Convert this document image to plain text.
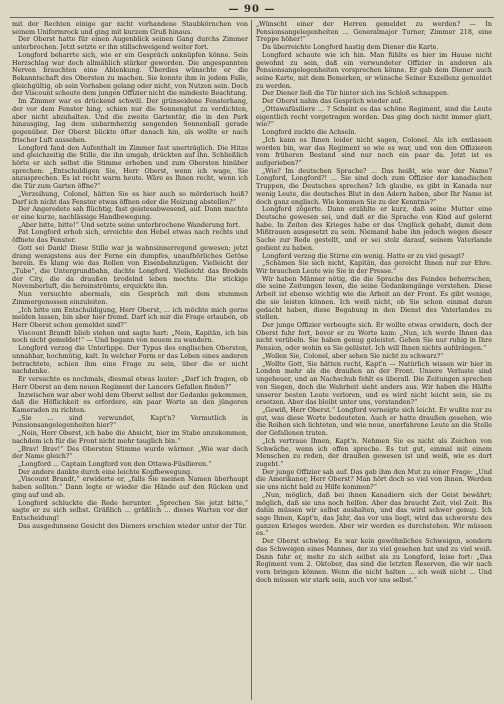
— 90 —

mit der Rechten einige gar nicht vorhandene Staubkörnchen von seinem Uniformrock und ging mit kurzem Gruß hinaus.

Der Oberst hatte für einen Augenblick seinen Gang durchs Zimmer unterbrochen. Jetzt setzte er ihn stillschweigend weiter fort.

Longford beharrte sich, wie er ein Gespräch anknüpfen könne. Sein Herzschlag war doch allmählich stärker geworden. Die angespannten Nerven brauchten eine Ablenkung. Überdies wünschte er die Bekanntschaft des Obersten zu machen. Sie konnte ihm in jedem Falle, gleichgültig, ob sein Vorhaben gelang oder nicht, von Nutzen sein. Doch der Viscount scheute dem jungen Offizier nicht die mindeste Beachtung.

Im Zimmer war es drückend schwül. Der grünseidene Fensterhang, der vor dem Fenster hing, schien nur die Sonnenglut zu verdichten, aber nicht abzuhalten. Und die zweite Gartentür, die in den Park hinausging, lag dem unbarmherzig sengenden Sonnenball gerade gegenüber. Der Oberst blickte öfter danach hin, als wollte er nach frischer Luft aussehen.

Longford fand den Aufenthalt im Zimmer fast unerträglich. Die Hitze und gleichzeitig die Stille, die ihn umgab, drückten auf ihn. Schließlich hörte er sich selbst die Stimme erheben und zum Obersten hinüber sprechen: „Entschuldigen Sie, Herr Oberst, wenn ich wage, Sie anzusprechen. Es ist recht warm heute. Wäre es Ihnen recht, wenn ich die Tür zum Garten öffne?“

„Verzeihung, Colonel, hätten Sie es hier auch so mörderisch heiß? Darf ich nicht das Fenster etwas öffnen oder die Heizung abstellen?“

Der Angeredete sah flüchtig, fast geistesabwesend, auf. Dann machte er eine kurze, nachlässige Handbewegung.

„Aber bitte, bitte!“ Und setzte seine unterbrochene Wanderung fort.

Pat Longford erhob sich, erreichte den Hebel etwas nach rechts und öffnete das Fenster.

Gott sei Dank! Diese Stille war ja wahnsinnerregend gewesen; jetzt drang wenigstens aus der Ferne ein dumpfes, unaufhörliches Getöse herein. Es klang wie das Rollen von Eisenbahnzügen. Vielleicht der „Tube“, die Untergrundbahn, dachte Longford. Vielleicht das Brodeln der City, die da draußen brodelnd leben mochte. Die stickige Novemberluft, die hereinströmte, erquickte ihn.

Nun versuchte abermals, ein Gespräch mit dem stummen Zimmergenossen einzuleiten.

„Ich bitte um Entschuldigung, Herr Oberst, ... ich möchte mich gerne melden lassen, bin aber hier fremd. Darf ich mir die Frage erlauben, ob Herr Oberst schon gemeldet sind?“

Viscount Brandt blieb stehen und sagte hart: „Nein, Kapitän, ich bin noch nicht gemeldet!“ — Und begann von neuem zu wandern.

Longford verzog die Unterlippe. Der Typus des englischen Obersten, unnahbar, hochmütig, kalt. In welcher Form er das Leben eines anderen betrachtete, schien ihm eine Frage zu sein, über die er nicht nachdenke.

Er versuchte es nochmals, diesmal etwas lauter: „Darf ich fragen, ob Herr Oberst an dem neuen Regiment der Lancers Gefallen finden?“

Inzwischen war aber wohl dem Oberst selbst der Gedanke gekommen, daß die Höflichkeit es erfordere, ein paar Worte an den jüngeren Kameraden zu richten.

„Sie ... sind verwundet, Kapt'n? Vermutlich in Pensionsangelegenheiten hier?“

„Nein, Herr Oberst, ich habe die Absicht, hier im Stabe anzukommen, nachdem ich für die Front nicht mehr tauglich bin.“

„Brav! Brav!“ Des Obersten Stimme wurde wärmer. „Wie war doch der Name gleich?“

„Longford ... Captain Longford von den Ottawa-Füsilieren.“

Der andere dankte durch eine leichte Kopfbewegung.

„Viscount Brandt,“ erwiderte er, „falls Sie meinen Namen überhaupt haben sollten.“ Dann legte er wieder die Hände auf den Rücken und ging auf und ab.

Longford schluckte die Rede herunter. „Sprechen Sie jetzt bitte,“ sagte er zu sich selbst. Gräßlich ... gräßlich ... dieses Warten vor der Entscheidung!

Das ausgedunsene Gesicht des Dieners erschien wieder unter der Tür.

„Wünscht einer der Herren gemeldet zu werden? — In Pensionsangelegenheiten ... Generalmajor Turner, Zimmer 218, eine Treppe höher!“

Da überreichte Longford hastig dem Diener die Karte.

Longford schaute wie ich hin. Man fühlte es hier im Hause nicht gewohnt zu sein, daß ein verwundeter Offizier in anderen als Pensionsangelegenheiten vorsprechen könne. Er gab dem Diener auch seine Karte, mit dem Bemerken, er wünsche Seiner Exzellenz gemeldet zu werden.

Der Diener ließ die Tür hinter sich ins Schloß schnappen.

Der Oberst nahm das Gespräch wieder auf.

„Ottawafüsiliere ... ? Scheint es das schöne Regiment, sind die Leute eigentlich recht vorgetragen worden. Das ging doch nicht immer glatt, wie?“

Longford zuckte die Achseln.

„Ich kann es Ihnen leider nicht sagen, Colonel. Als ich entlassen worden bin, war das Regiment so wie es war, und von den Offizieren vom früheren Bestand sind nur noch ein paar da. Jetzt ist es aufgerieben?“

„Wie? Im deutschen Sprache? ... Das heißt, wie war der Name? Longford, Longford?! ... Sie sind doch zum Offizier der kanadischen Truppen, die Deutsches sprechen? Ich glaube, es gibt in Kanada nur wenig Leute, die deutsches Blut in den Adern haben, aber Ihr Name ist doch ganz englisch. Wie kommen Sie zu der Kenntnis?“

Longford zögerte. Dann erzählte er kurz, daß seine Mutter eine Deutsche gewesen sei, und daß er die Sprache von Kind auf gelernt habe. In Zeiten des Krieges habe er das Unglück gehabt, damit dem Mißtrauen ausgesetzt zu sein. Niemand habe ihn jedoch wegen dieser Sache zur Rede gestellt, und er sei stolz darauf, seinem Vaterlande gedient zu haben.

Longford verzog die Stirne ein wenig. Hatte er zu viel gesagt?

„Schämen Sie sich nicht, Kapitän, das gereicht Ihnen nur zur Ehre. Wir brauchen Leute wie Sie in der Presse.“

Wir haben Männer nötig, die die Sprache des Feindes beherrschen, die seine Zeitungen lesen, die seine Gedankengänge verstehen. Diese Arbeit ist ebenso wichtig wie die Arbeit an der Front. Es gibt wenige, die sie leisten können. Ich weiß nicht, ob Sie schon einmal daran gedacht haben, diese Begabung in den Dienst des Vaterlandes zu stellen.

Der junge Offizier verbeugte sich. Er wollte etwas erwidern, doch der Oberst fuhr fort, bevor er zu Worte kam: „Nun, ich werde Ihnen das nicht verübeln. Sie haben genug geleistet. Gehen Sie nur ruhig in Ihre Pension, oder wohin es Sie gelüstet. Ich will Ihnen nichts aufdrängen.“

„Wollen Sie, Colonel, aber sehen Sie nicht zu schwarz?“

„Wollte Gott, Sie hätten recht, Kapt'n — Natürlich wissen wir hier in London mehr als die draußen an der Front. Unsere Verluste sind ungeheuer, und an Nachschub fehlt es überall. Die Zeitungen sprechen von Siegen, doch die Wahrheit sieht anders aus. Wir haben die Hälfte unserer besten Leute verloren, und es wird nicht leicht sein, sie zu ersetzen. Aber das bleibt unter uns, verstanden?“

„Gewiß, Herr Oberst.“ Longford verneigte sich leicht. Er wußte nur zu gut, was diese Worte bedeuteten. Auch er hatte draußen gesehen, wie die Reihen sich lichteten, und wie neue, unerfahrene Leute an die Stelle der Gefallenen traten.

„Ich vertraue Ihnen, Kapt'n. Nehmen Sie es nicht als Zeichen von Schwäche, wenn ich offen spreche. Es tut gut, einmal mit einem Menschen zu reden, der draußen gewesen ist und weiß, wie es dort zugeht.“

Der junge Offizier sah auf. Das gab ihm den Mut zu einer Frage: „Und die Amerikaner, Herr Oberst? Man hört doch so viel von ihnen. Werden sie uns nicht bald zu Hilfe kommen?“

„Nun, möglich, daß bei ihnen Kanadiern sich der Geist bewährt; möglich, daß sie uns noch helfen. Aber das braucht Zeit, viel Zeit. Bis dahin müssen wir selbst aushalten, und das wird schwer genug. Ich sage Ihnen, Kapt'n, das Jahr, das vor uns liegt, wird das schwerste des ganzen Krieges werden. Aber wir werden es durchstehen. Wir müssen es.“

Der Oberst schwieg. Es war kein gewöhnliches Schweigen, sondern das Schweigen eines Mannes, der zu viel gesehen hat und zu viel weiß. Dann fuhr er, mehr zu sich selbst als zu Longford, leise fort: „Das Regiment vom 2. Oktober, das sind die letzten Reserven, die wir nach vorn bringen können. Wenn die nicht halten ... ich weiß nicht ... Und doch müssen wir stark sein, auch vor uns selbst.“
